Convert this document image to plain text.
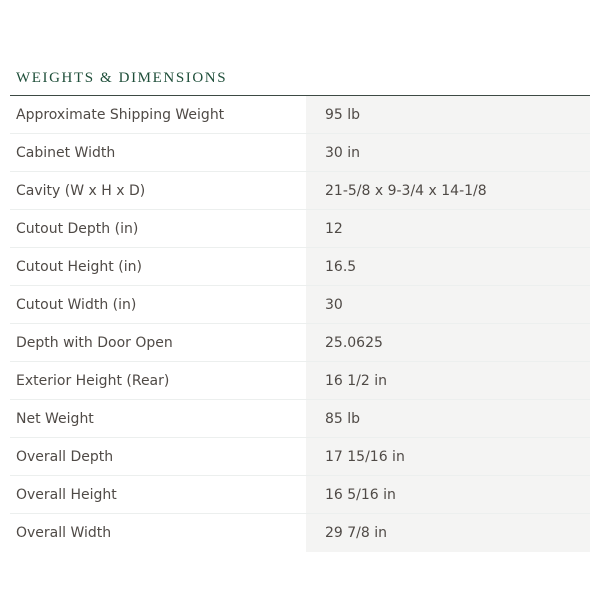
WEIGHTS & DIMENSIONS
Approximate Shipping Weight	95 lb
Cabinet Width	30 in
Cavity (W x H x D)	21-5/8 x 9-3/4 x 14-1/8
Cutout Depth (in)	12
Cutout Height (in)	16.5
Cutout Width (in)	30
Depth with Door Open	25.0625
Exterior Height (Rear)	16 1/2 in
Net Weight	85 lb
Overall Depth	17 15/16 in
Overall Height	16 5/16 in
Overall Width	29 7/8 in
